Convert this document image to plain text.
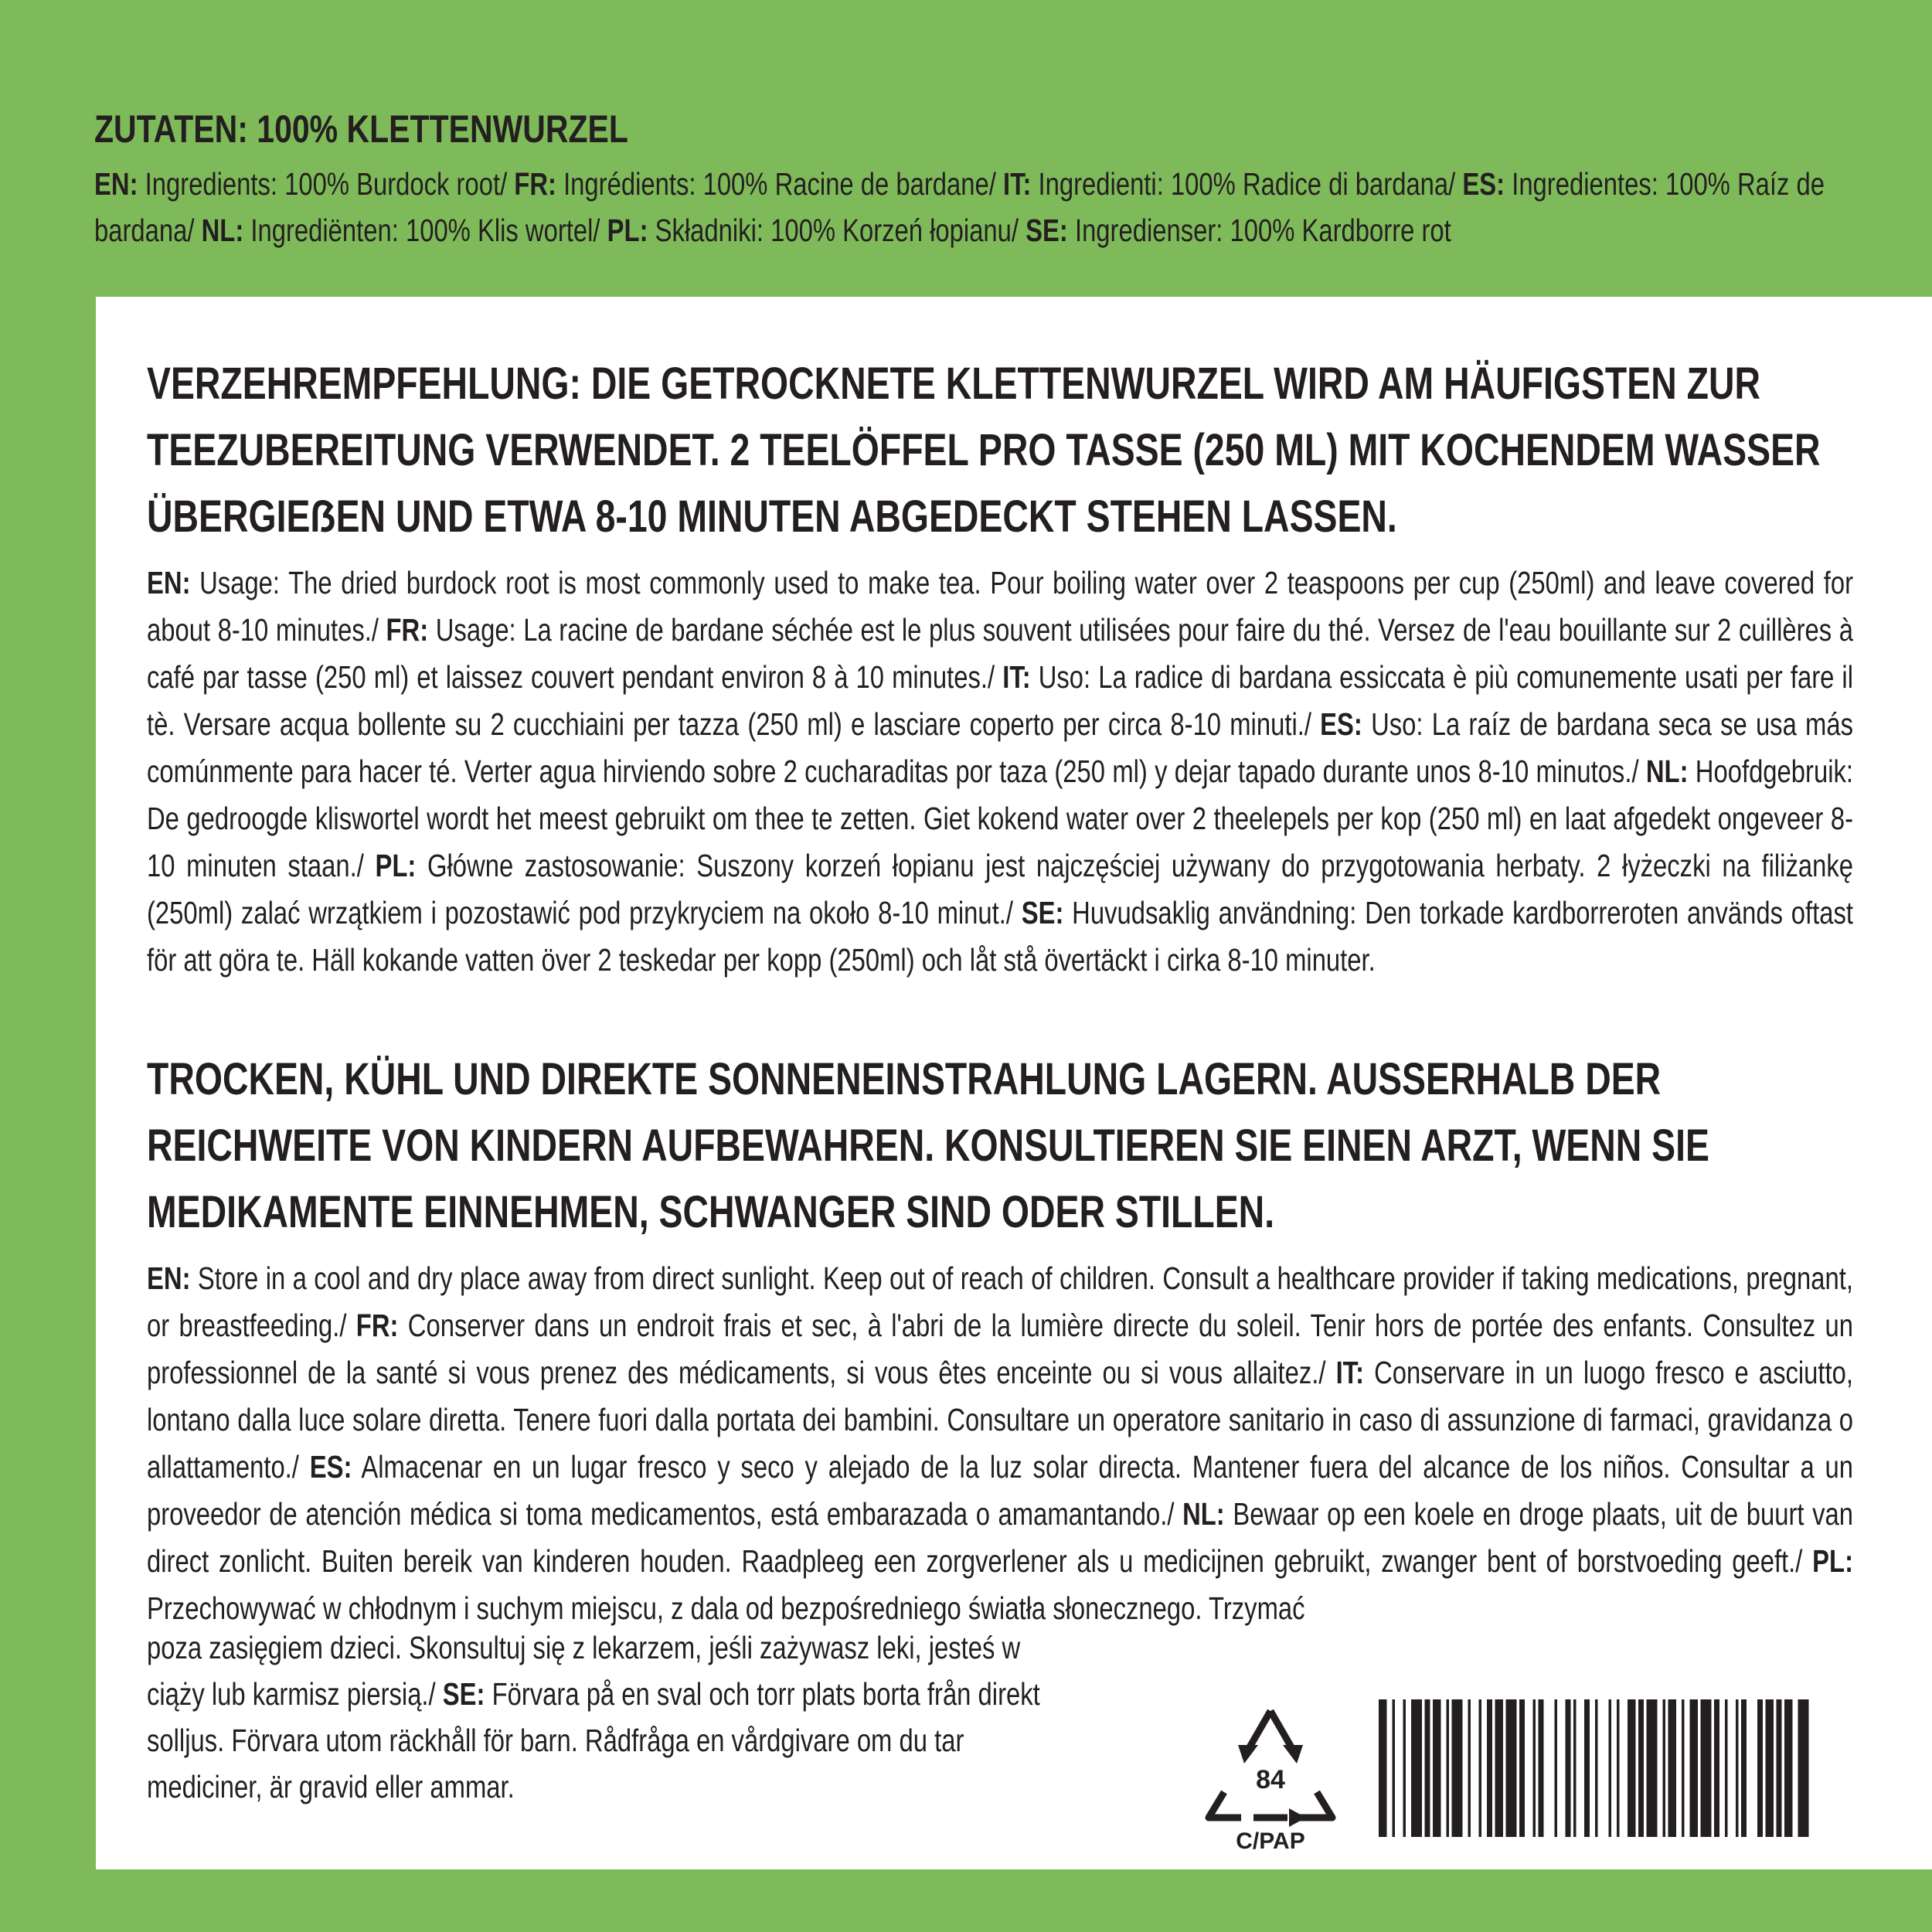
ZUTATEN: 100% KLETTENWURZEL

EN: Ingredients: 100% Burdock root/ FR: Ingrédients: 100% Racine de bardane/ IT: Ingredienti: 100% Radice di bardana/ ES: Ingredientes: 100% Raíz de bardana/ NL: Ingrediënten: 100% Klis wortel/ PL: Składniki: 100% Korzeń łopianu/ SE: Ingredienser: 100% Kardborre rot

VERZEHREMPFEHLUNG: DIE GETROCKNETE KLETTENWURZEL WIRD AM HÄUFIGSTEN ZUR TEEZUBEREITUNG VERWENDET. 2 TEELÖFFEL PRO TASSE (250 ML) MIT KOCHENDEM WASSER ÜBERGIEẞEN UND ETWA 8-10 MINUTEN ABGEDECKT STEHEN LASSEN.

EN: Usage: The dried burdock root is most commonly used to make tea. Pour boiling water over 2 teaspoons per cup (250ml) and leave covered for about 8-10 minutes./ FR: Usage: La racine de bardane séchée est le plus souvent utilisées pour faire du thé. Versez de l'eau bouillante sur 2 cuillères à café par tasse (250 ml) et laissez couvert pendant environ 8 à 10 minutes./ IT: Uso: La radice di bardana essiccata è più comunemente usati per fare il tè. Versare acqua bollente su 2 cucchiaini per tazza (250 ml) e lasciare coperto per circa 8-10 minuti./ ES: Uso: La raíz de bardana seca se usa más comúnmente para hacer té. Verter agua hirviendo sobre 2 cucharaditas por taza (250 ml) y dejar tapado durante unos 8-10 minutos./ NL: Hoofdgebruik: De gedroogde kliswortel wordt het meest gebruikt om thee te zetten. Giet kokend water over 2 theelepels per kop (250 ml) en laat afgedekt ongeveer 8-10 minuten staan./ PL: Główne zastosowanie: Suszony korzeń łopianu jest najczęściej używany do przygotowania herbaty. 2 łyżeczki na filiżankę (250ml) zalać wrzątkiem i pozostawić pod przykryciem na około 8-10 minut./ SE: Huvudsaklig användning: Den torkade kardborreroten används oftast för att göra te. Häll kokande vatten över 2 teskedar per kopp (250ml) och låt stå övertäckt i cirka 8-10 minuter.

TROCKEN, KÜHL UND DIREKTE SONNENEINSTRAHLUNG LAGERN. AUSSERHALB DER REICHWEITE VON KINDERN AUFBEWAHREN. KONSULTIEREN SIE EINEN ARZT, WENN SIE MEDIKAMENTE EINNEHMEN, SCHWANGER SIND ODER STILLEN.

EN: Store in a cool and dry place away from direct sunlight. Keep out of reach of children. Consult a healthcare provider if taking medications, pregnant, or breastfeeding./ FR: Conserver dans un endroit frais et sec, à l'abri de la lumière directe du soleil. Tenir hors de portée des enfants. Consultez un professionnel de la santé si vous prenez des médicaments, si vous êtes enceinte ou si vous allaitez./ IT: Conservare in un luogo fresco e asciutto, lontano dalla luce solare diretta. Tenere fuori dalla portata dei bambini. Consultare un operatore sanitario in caso di assunzione di farmaci, gravidanza o allattamento./ ES: Almacenar en un lugar fresco y seco y alejado de la luz solar directa. Mantener fuera del alcance de los niños. Consultar a un proveedor de atención médica si toma medicamentos, está embarazada o amamantando./ NL: Bewaar op een koele en droge plaats, uit de buurt van direct zonlicht. Buiten bereik van kinderen houden. Raadpleeg een zorgverlener als u medicijnen gebruikt, zwanger bent of borstvoeding geeft./ PL: Przechowywać w chłodnym i suchym miejscu, z dala od bezpośredniego światła słonecznego. Trzymać

poza zasięgiem dzieci. Skonsultuj się z lekarzem, jeśli zażywasz leki, jesteś w ciąży lub karmisz piersią./ SE: Förvara på en sval och torr plats borta från direkt solljus. Förvara utom räckhåll för barn. Rådfråga en vårdgivare om du tar mediciner, är gravid eller ammar.	84
C/PAP
